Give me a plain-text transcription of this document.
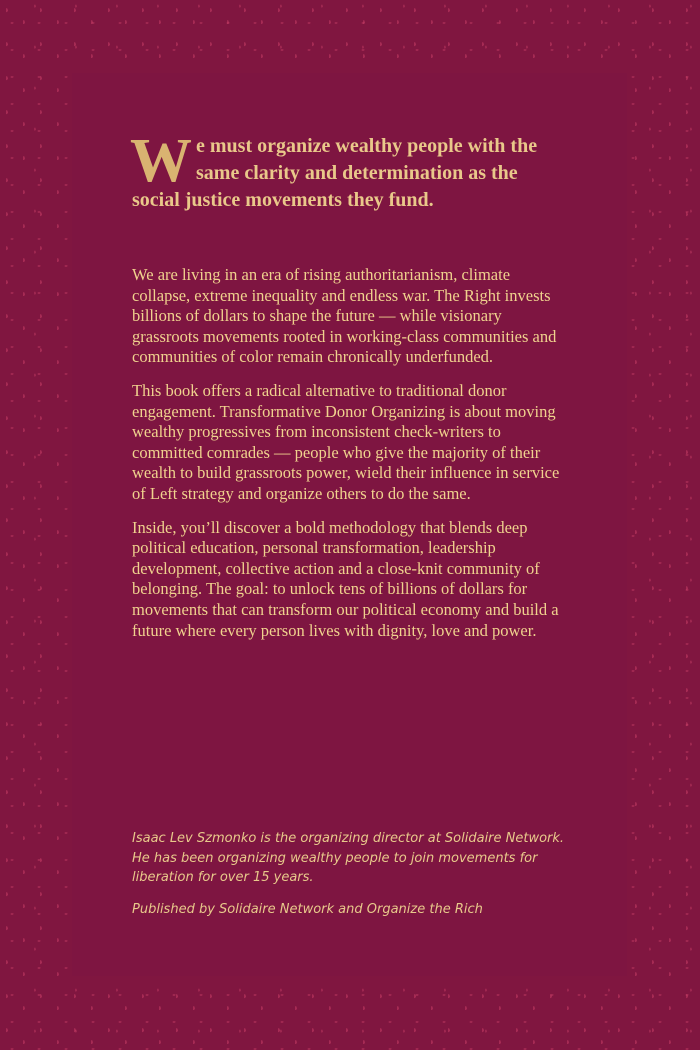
We must organize wealthy people with the same clarity and determination as the social justice movements they fund.

We are living in an era of rising authoritarianism, climate collapse, extreme inequality and endless war. The Right invests billions of dollars to shape the future — while visionary grassroots movements rooted in working-class communities and communities of color remain chronically underfunded.

This book offers a radical alternative to traditional donor engagement. Transformative Donor Organizing is about moving wealthy progressives from inconsistent check-writers to committed comrades — people who give the majority of their wealth to build grassroots power, wield their influence in service of Left strategy and organize others to do the same.

Inside, you’ll discover a bold methodology that blends deep political education, personal transformation, leadership development, collective action and a close-knit community of belonging. The goal: to unlock tens of billions of dollars for movements that can transform our political economy and build a future where every person lives with dignity, love and power.

Isaac Lev Szmonko is the organizing director at Solidaire Network. He has been organizing wealthy people to join movements for liberation for over 15 years.

Published by Solidaire Network and Organize the Rich
